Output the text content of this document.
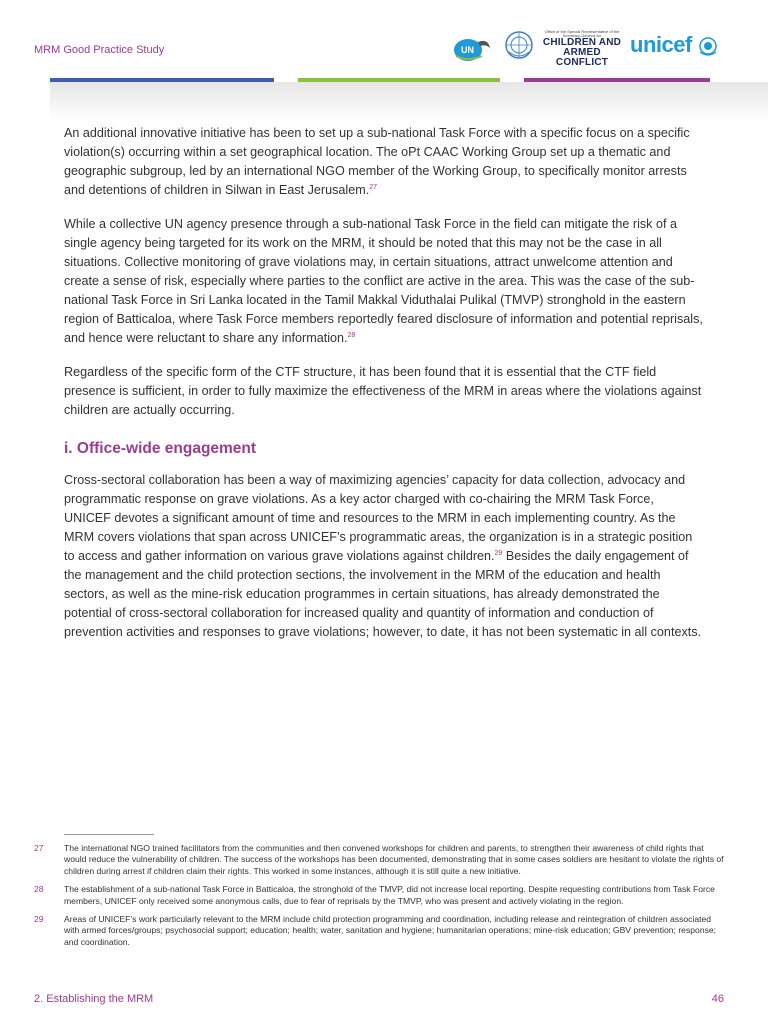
MRM Good Practice Study	UN
Office of the Special Representative of the Secretary-General for
CHILDREN AND
ARMED CONFLICT
unicef

An additional innovative initiative has been to set up a sub-national Task Force with a specific focus on a specific violation(s) occurring within a set geographical location. The oPt CAAC Working Group set up a thematic and geographic subgroup, led by an international NGO member of the Working Group, to specifically monitor arrests and detentions of children in Silwan in East Jerusalem.$^{27}$

While a collective UN agency presence through a sub-national Task Force in the field can mitigate the risk of a single agency being targeted for its work on the MRM, it should be noted that this may not be the case in all situations. Collective monitoring of grave violations may, in certain situations, attract unwelcome attention and create a sense of risk, especially where parties to the conflict are active in the area. This was the case of the sub-national Task Force in Sri Lanka located in the Tamil Makkal Viduthalai Pulikal (TMVP) stronghold in the eastern region of Batticaloa, where Task Force members reportedly feared disclosure of information and potential reprisals, and hence were reluctant to share any information.$^{28}$

Regardless of the specific form of the CTF structure, it has been found that it is essential that the CTF field presence is sufficient, in order to fully maximize the effectiveness of the MRM in areas where the violations against children are actually occurring.

i. Office-wide engagement

Cross-sectoral collaboration has been a way of maximizing agencies’ capacity for data collection, advocacy and programmatic response on grave violations. As a key actor charged with co-chairing the MRM Task Force, UNICEF devotes a significant amount of time and resources to the MRM in each implementing country. As the MRM covers violations that span across UNICEF’s programmatic areas, the organization is in a strategic position to access and gather information on various grave violations against children.$^{29}$ Besides the daily engagement of the management and the child protection sections, the involvement in the MRM of the education and health sectors, as well as the mine-risk education programmes in certain situations, has already demonstrated the potential of cross-sectoral collaboration for increased quality and quantity of information and conduction of prevention activities and responses to grave violations; however, to date, it has not been systematic in all contexts.

27	The international NGO trained facilitators from the communities and then convened workshops for children and parents, to strengthen their awareness of child rights that would reduce the vulnerability of children. The success of the workshops has been documented, demonstrating that in some cases soldiers are hesitant to violate the rights of children during arrest if children claim their rights. This worked in some instances, although it is still quite a new initiative.
28	The establishment of a sub-national Task Force in Batticaloa, the stronghold of the TMVP, did not increase local reporting. Despite requesting contributions from Task Force members, UNICEF only received some anonymous calls, due to fear of reprisals by the TMVP, who was present and actively violating in the region.
29	Areas of UNICEF’s work particularly relevant to the MRM include child protection programming and coordination, including release and reintegration of children associated with armed forces/groups; psychosocial support; education; health; water, sanitation and hygiene; humanitarian operations; mine-risk education; GBV prevention; response; and coordination.
2. Establishing the MRM	46
